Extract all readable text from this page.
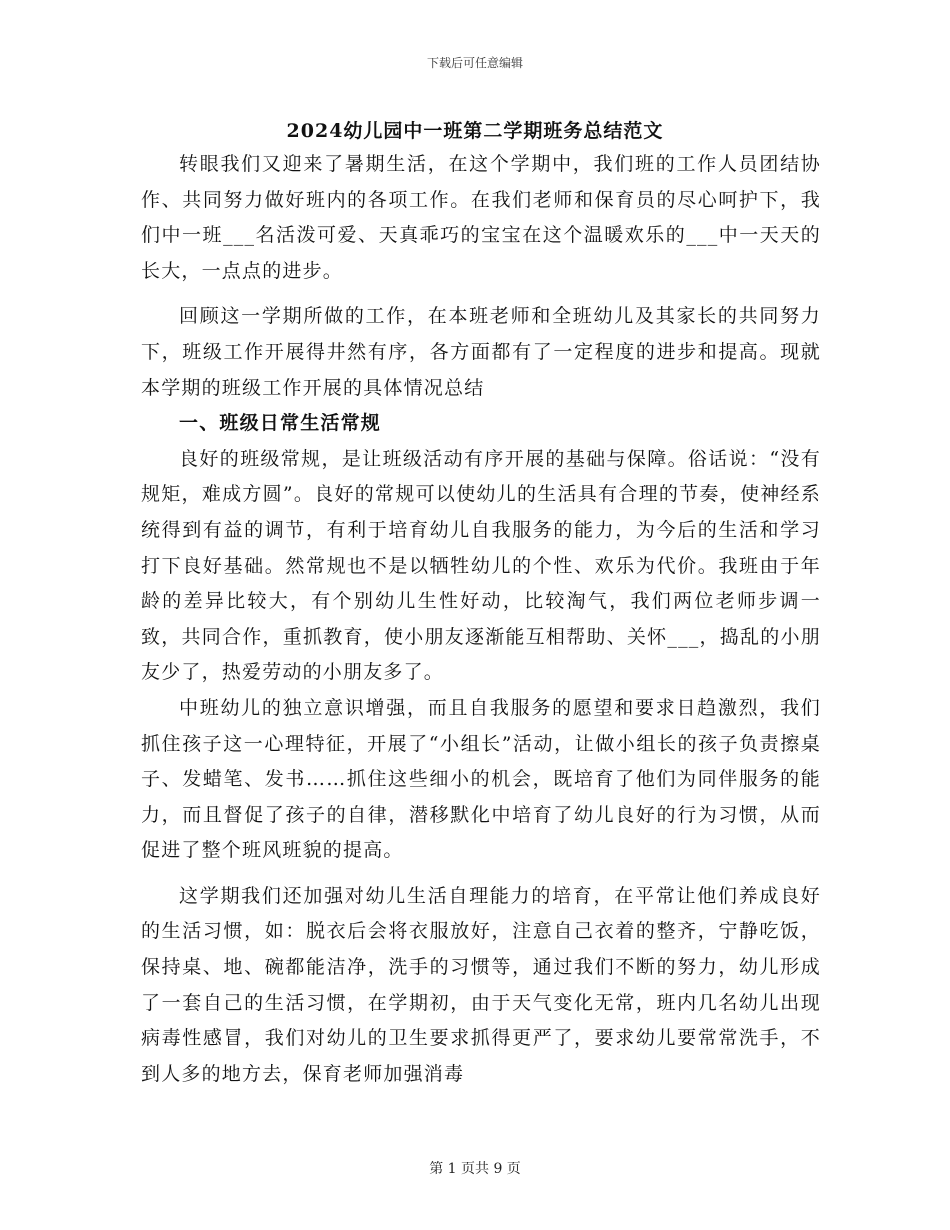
下载后可任意编辑
2024幼儿园中一班第二学期班务总结范文

转眼我们又迎来了暑期生活，在这个学期中，我们班的工作人员团结协作、共同努力做好班内的各项工作。在我们老师和保育员的尽心呵护下，我们中一班___名活泼可爱、天真乖巧的宝宝在这个温暖欢乐的___中一天天的长大，一点点的进步。

回顾这一学期所做的工作，在本班老师和全班幼儿及其家长的共同努力下，班级工作开展得井然有序，各方面都有了一定程度的进步和提高。现就本学期的班级工作开展的具体情况总结

一、班级日常生活常规

良好的班级常规，是让班级活动有序开展的基础与保障。俗话说：“没有规矩，难成方圆”。良好的常规可以使幼儿的生活具有合理的节奏，使神经系统得到有益的调节，有利于培育幼儿自我服务的能力，为今后的生活和学习打下良好基础。然常规也不是以牺牲幼儿的个性、欢乐为代价。我班由于年龄的差异比较大，有个别幼儿生性好动，比较淘气，我们两位老师步调一致，共同合作，重抓教育，使小朋友逐渐能互相帮助、关怀___，捣乱的小朋友少了，热爱劳动的小朋友多了。

中班幼儿的独立意识增强，而且自我服务的愿望和要求日趋激烈，我们抓住孩子这一心理特征，开展了“小组长”活动，让做小组长的孩子负责擦桌子、发蜡笔、发书……抓住这些细小的机会，既培育了他们为同伴服务的能力，而且督促了孩子的自律，潜移默化中培育了幼儿良好的行为习惯，从而促进了整个班风班貌的提高。

这学期我们还加强对幼儿生活自理能力的培育，在平常让他们养成良好的生活习惯，如：脱衣后会将衣服放好，注意自己衣着的整齐，宁静吃饭，保持桌、地、碗都能洁净，洗手的习惯等，通过我们不断的努力，幼儿形成了一套自己的生活习惯，在学期初，由于天气变化无常，班内几名幼儿出现病毒性感冒，我们对幼儿的卫生要求抓得更严了，要求幼儿要常常洗手，不到人多的地方去，保育老师加强消毒

第 1 页共 9 页
